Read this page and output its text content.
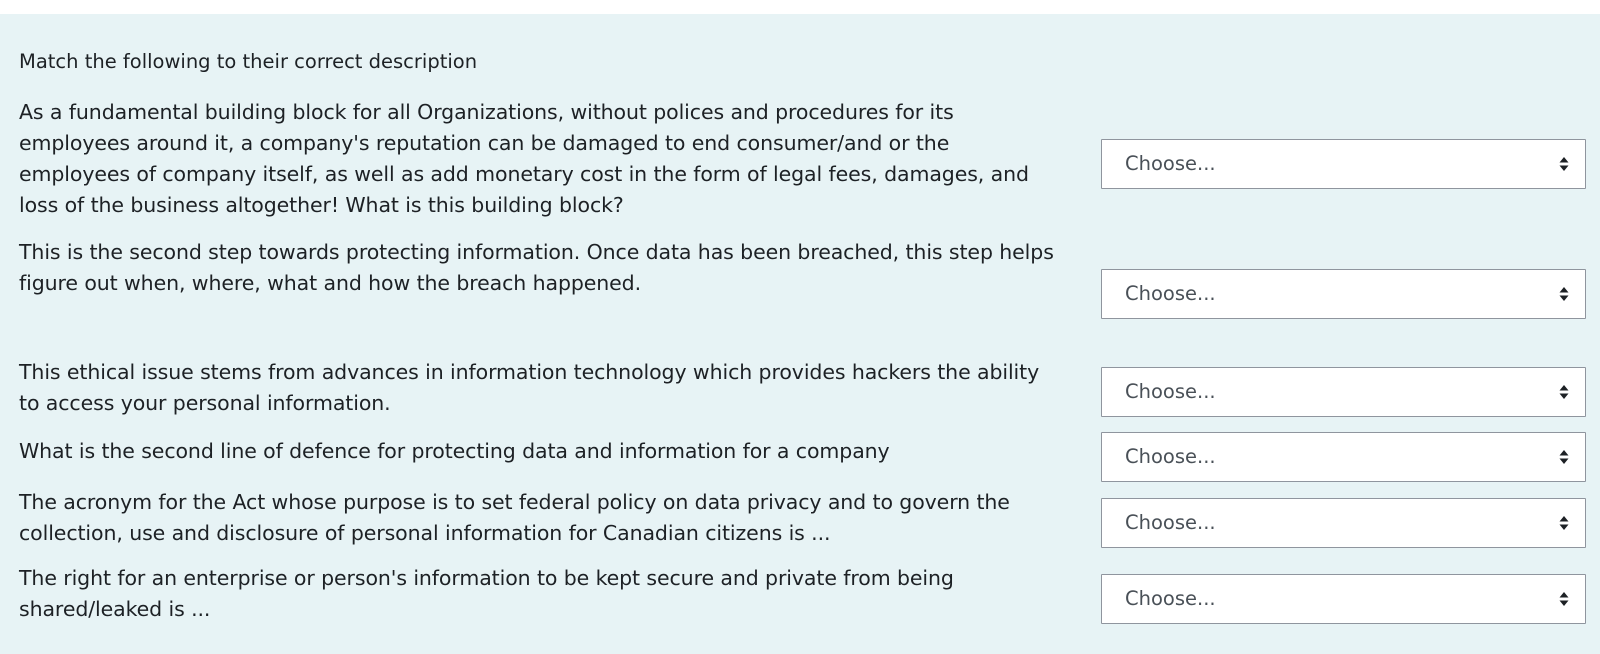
Match the following to their correct description
As a fundamental building block for all Organizations, without polices and procedures for its
employees around it, a company's reputation can be damaged to end consumer/and or the
employees of company itself, as well as add monetary cost in the form of legal fees, damages, and
loss of the business altogether! What is this building block?
Choose...
This is the second step towards protecting information. Once data has been breached, this step helps
figure out when, where, what and how the breach happened.	Choose...
This ethical issue stems from advances in information technology which provides hackers the ability
to access your personal information.	Choose...
What is the second line of defence for protecting data and information for a company	Choose...
The acronym for the Act whose purpose is to set federal policy on data privacy and to govern the
collection, use and disclosure of personal information for Canadian citizens is ...	Choose...
The right for an enterprise or person's information to be kept secure and private from being
shared/leaked is ...	Choose...
